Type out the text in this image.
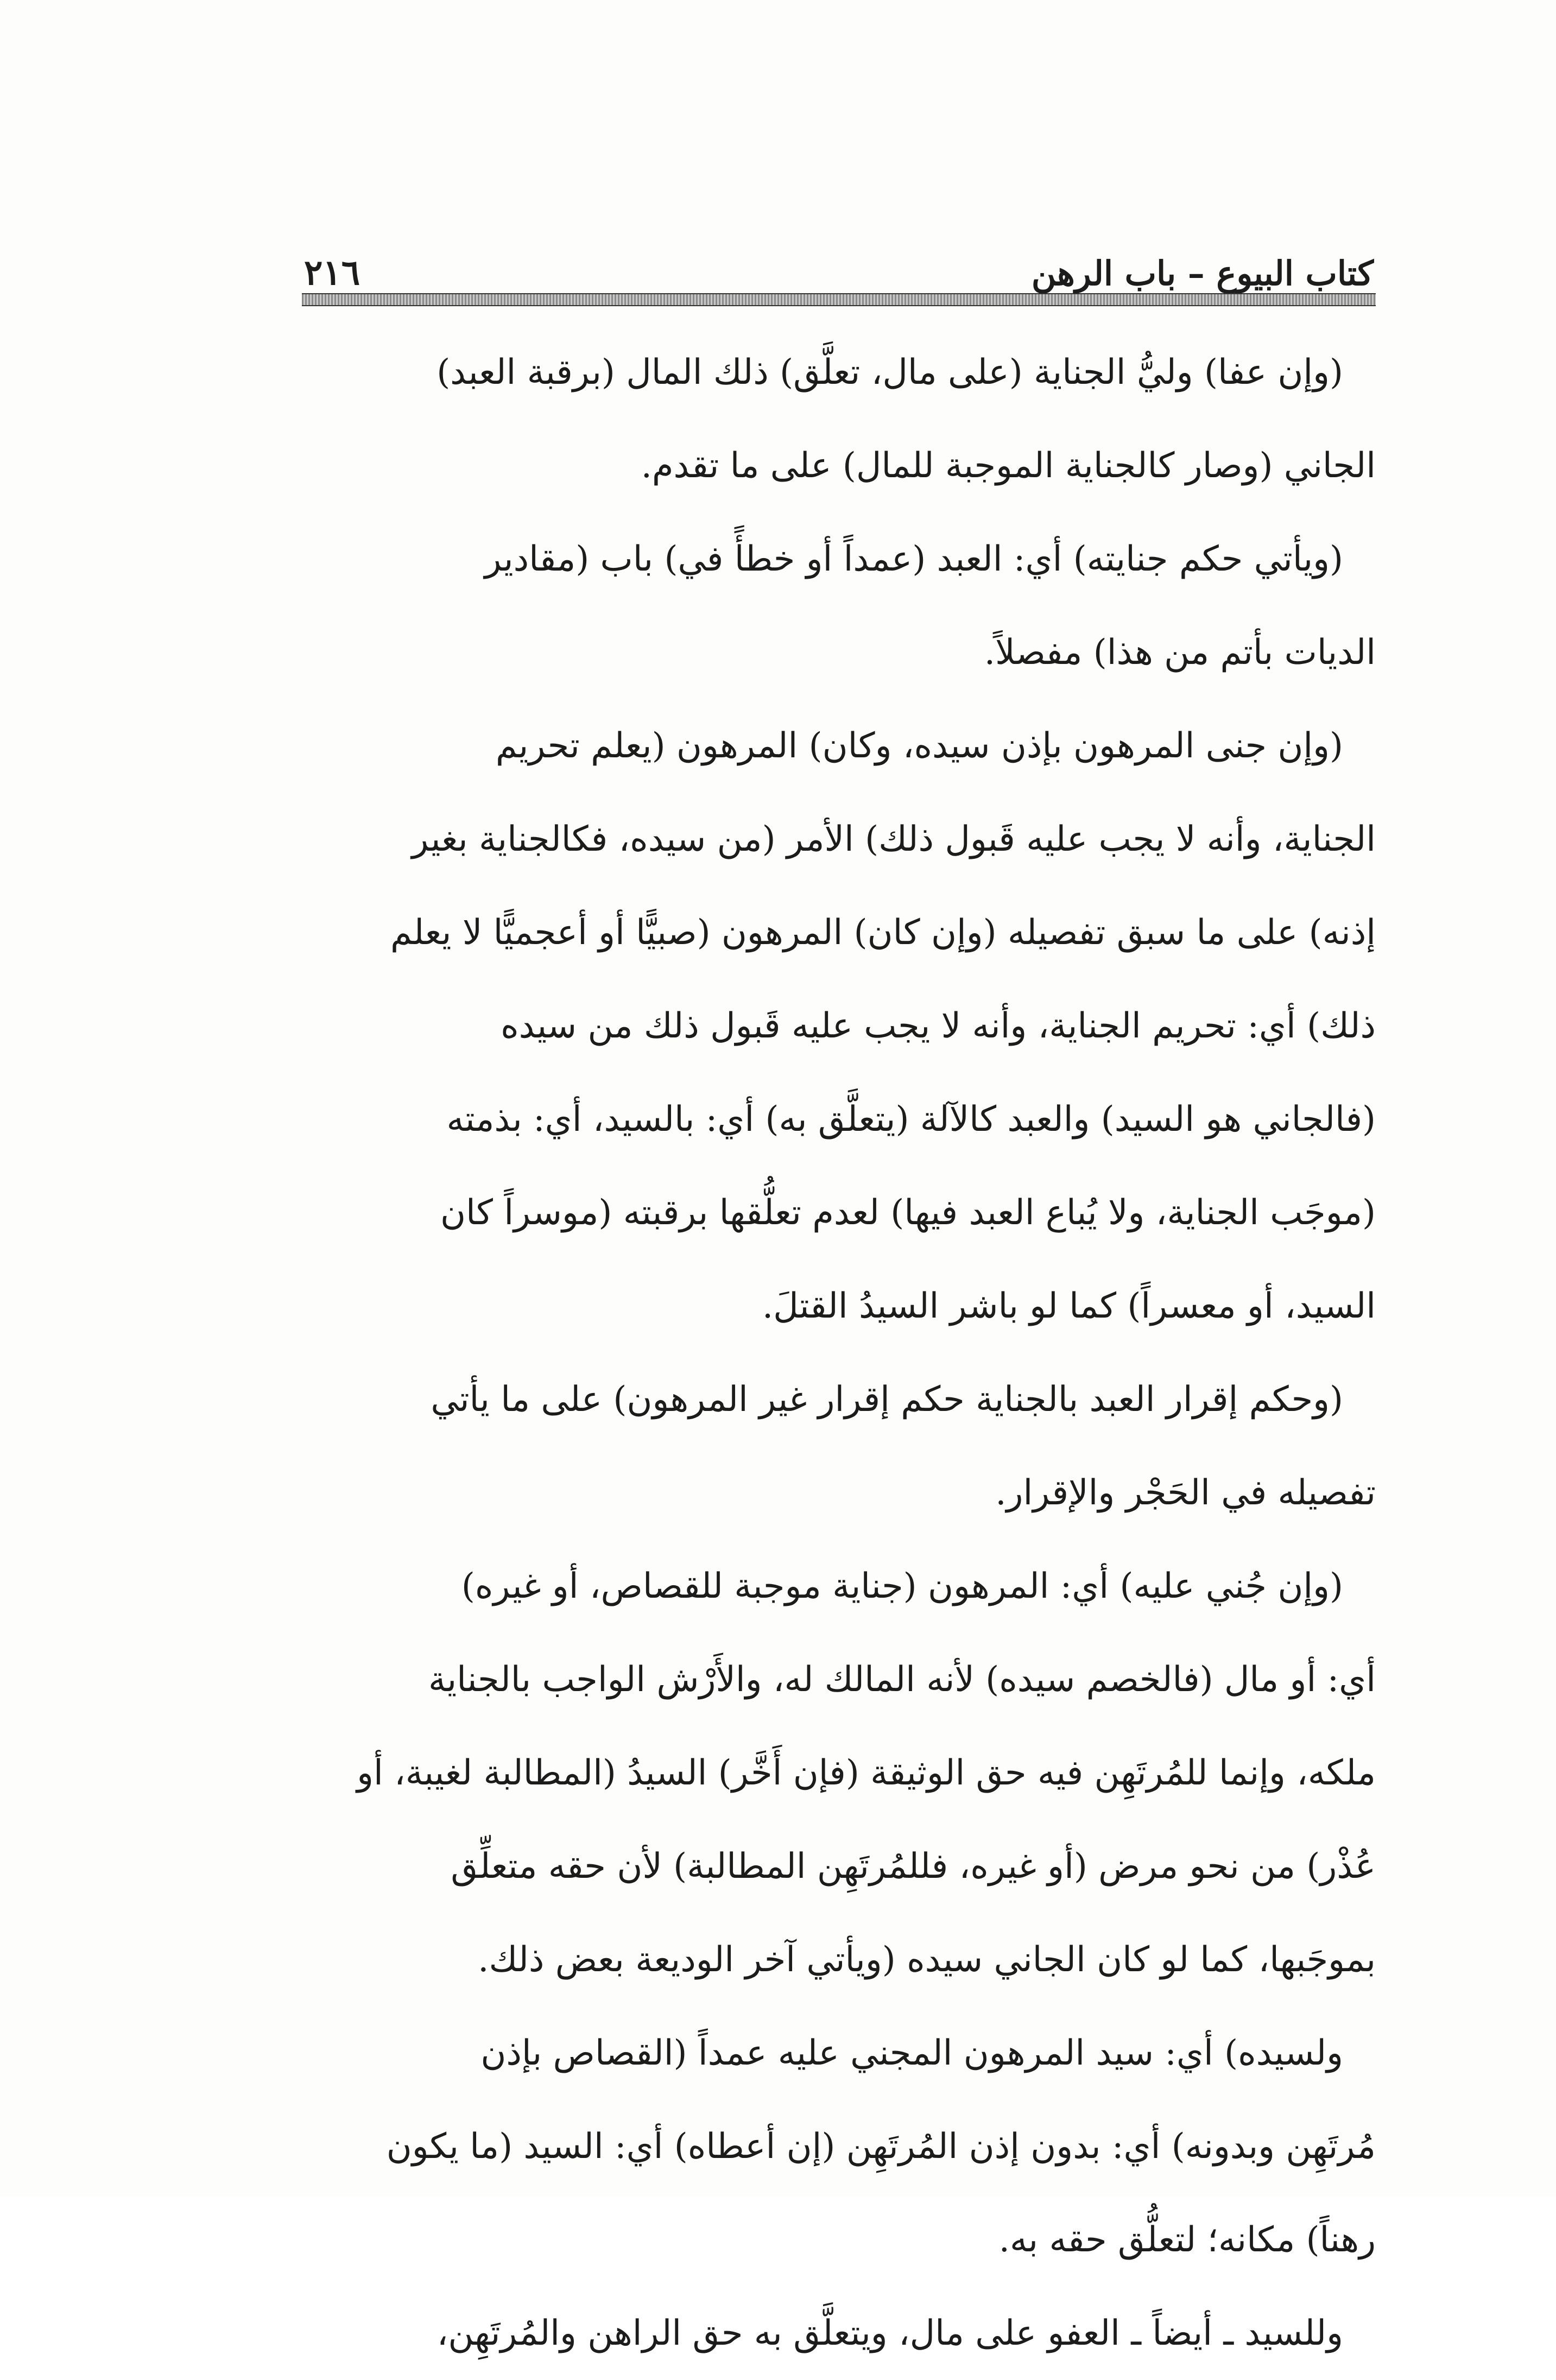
كتاب البيوع – باب الرهن
٢١٦
(وإن عفا) وليُّ الجناية (على مال، تعلَّق) ذلك المال (برقبة العبد)
الجاني (وصار كالجناية الموجبة للمال) على ما تقدم.
(ويأتي حكم جنايته) أي: العبد (عمداً أو خطأً في) باب (مقادير
الديات بأتم من هذا) مفصلاً.
(وإن جنى المرهون بإذن سيده، وكان) المرهون (يعلم تحريم
الجناية، وأنه لا يجب عليه قَبول ذلك) الأمر (من سيده، فكالجناية بغير
إذنه) على ما سبق تفصيله (وإن كان) المرهون (صبيًّا أو أعجميًّا لا يعلم
ذلك) أي: تحريم الجناية، وأنه لا يجب عليه قَبول ذلك من سيده
(فالجاني هو السيد) والعبد كالآلة (يتعلَّق به) أي: بالسيد، أي: بذمته
(موجَب الجناية، ولا يُباع العبد فيها) لعدم تعلُّقها برقبته (موسراً كان
السيد، أو معسراً) كما لو باشر السيدُ القتلَ.
(وحكم إقرار العبد بالجناية حكم إقرار غير المرهون) على ما يأتي
تفصيله في الحَجْر والإقرار.
(وإن جُني عليه) أي: المرهون (جناية موجبة للقصاص، أو غيره)
أي: أو مال (فالخصم سيده) لأنه المالك له، والأَرْش الواجب بالجناية
ملكه، وإنما للمُرتَهِن فيه حق الوثيقة (فإن أَخَّر) السيدُ (المطالبة لغيبة، أو
عُذْر) من نحو مرض (أو غيره، فللمُرتَهِن المطالبة) لأن حقه متعلِّق
بموجَبها، كما لو كان الجاني سيده (ويأتي آخر الوديعة بعض ذلك.
ولسيده) أي: سيد المرهون المجني عليه عمداً (القصاص بإذن
مُرتَهِن وبدونه) أي: بدون إذن المُرتَهِن (إن أعطاه) أي: السيد (ما يكون
رهناً) مكانه؛ لتعلُّق حقه به.
وللسيد ـ أيضاً ـ العفو على مال، ويتعلَّق به حق الراهن والمُرتَهِن،
